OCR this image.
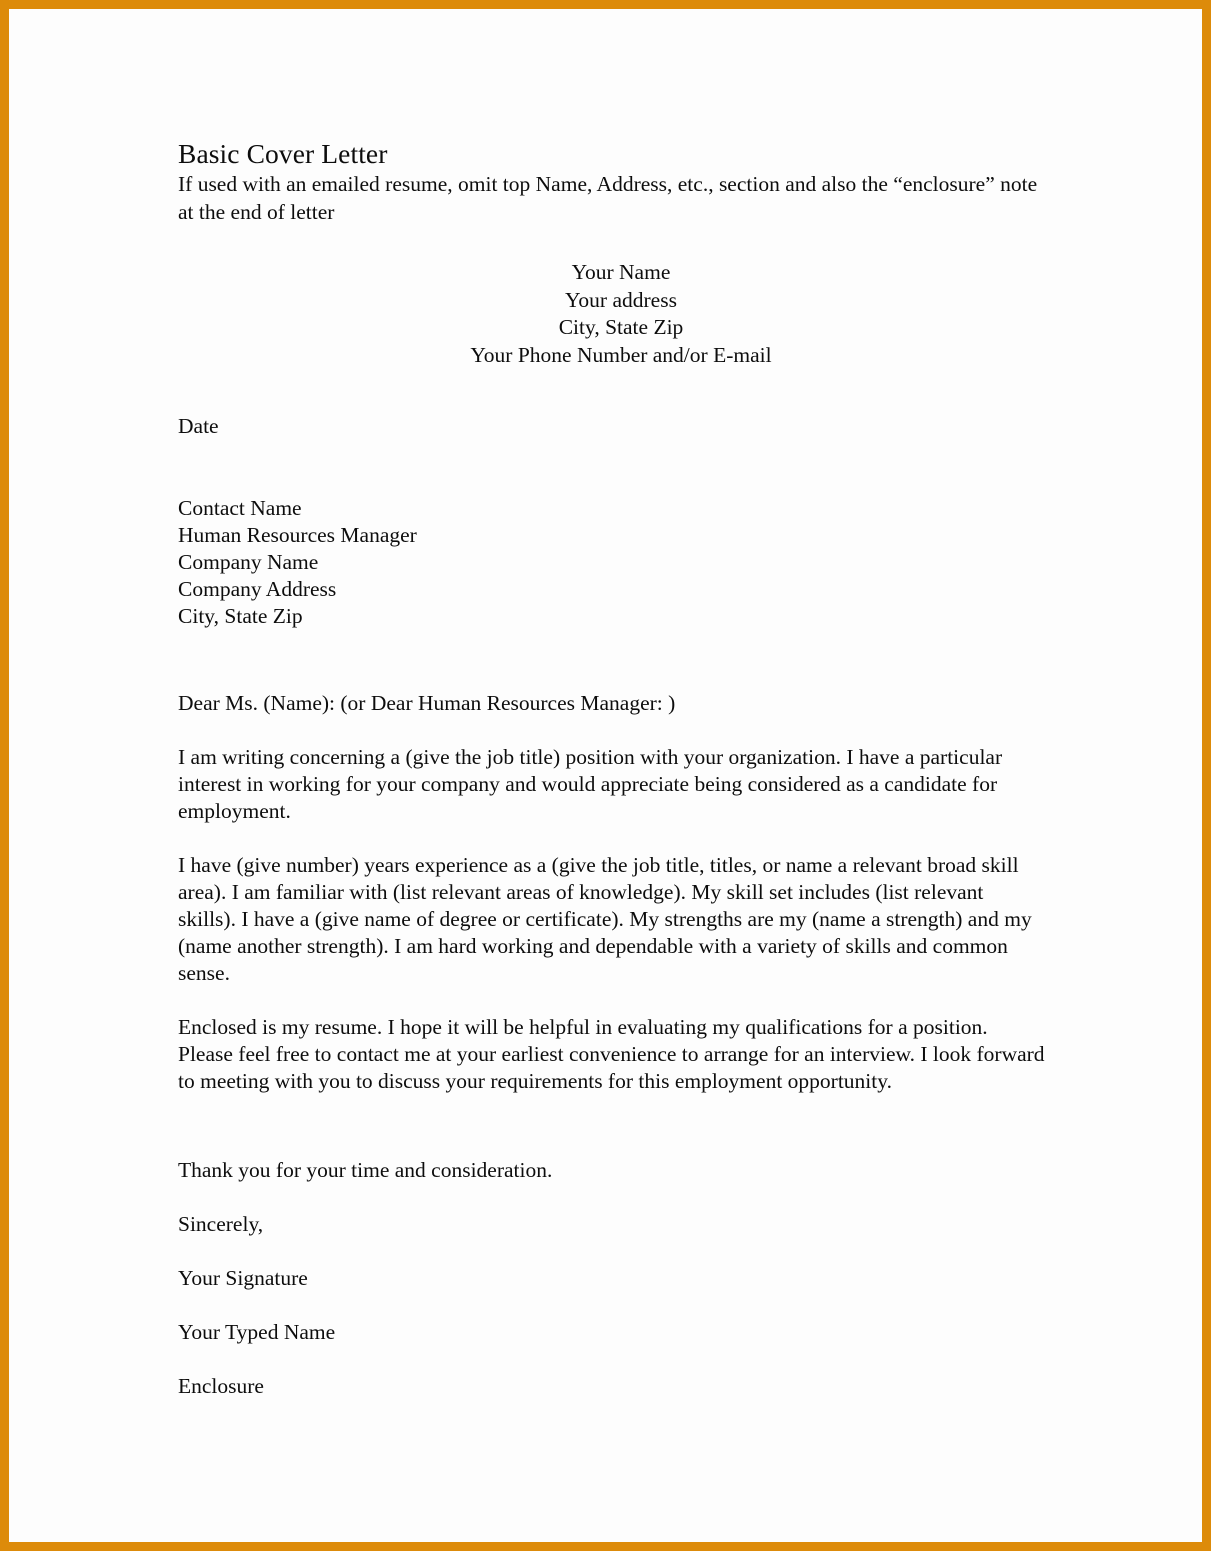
Basic Cover Letter

If used with an emailed resume, omit top Name, Address, etc., section and also the “enclosure” note at the end of letter

Your Name
Your address
City, State Zip
Your Phone Number and/or E-mail

Date

Contact Name
Human Resources Manager
Company Name
Company Address
City, State Zip

Dear Ms. (Name): (or Dear Human Resources Manager: )

I am writing concerning a (give the job title) position with your organization. I have a particular interest in working for your company and would appreciate being considered as a candidate for employment.

I have (give number) years experience as a (give the job title, titles, or name a relevant broad skill area). I am familiar with (list relevant areas of knowledge). My skill set includes (list relevant skills). I have a (give name of degree or certificate). My strengths are my (name a strength) and my (name another strength). I am hard working and dependable with a variety of skills and common sense.

Enclosed is my resume. I hope it will be helpful in evaluating my qualifications for a position. Please feel free to contact me at your earliest convenience to arrange for an interview. I look forward to meeting with you to discuss your requirements for this employment opportunity.

Thank you for your time and consideration.

Sincerely,

Your Signature

Your Typed Name

Enclosure
